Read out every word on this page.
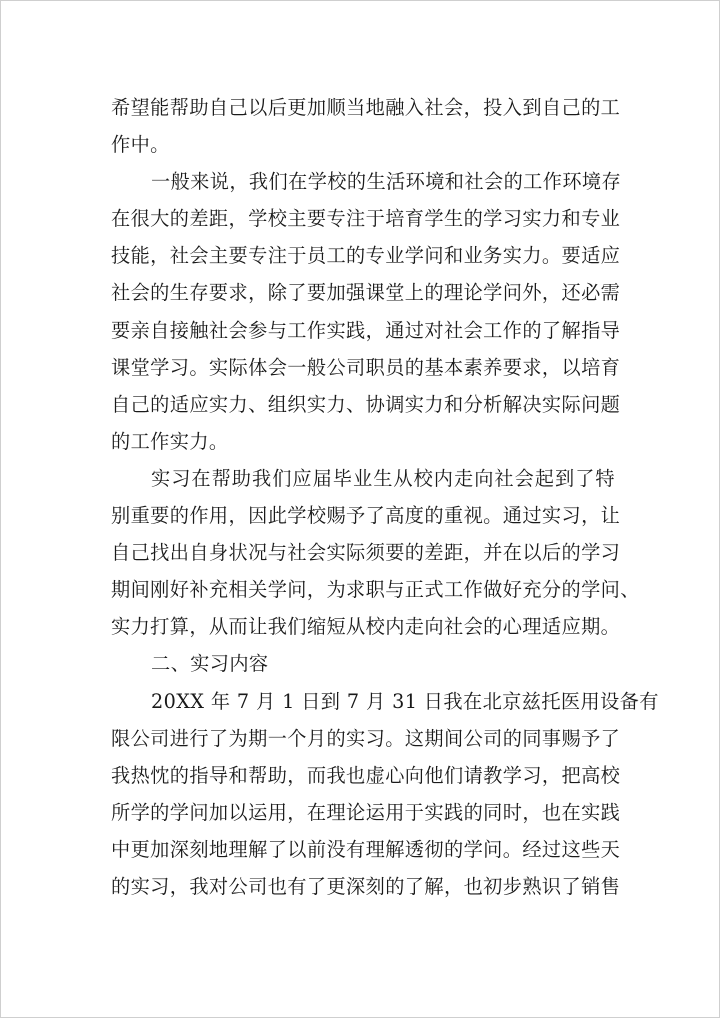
希望能帮助自己以后更加顺当地融入社会，投入到自己的工
作中。
一般来说，我们在学校的生活环境和社会的工作环境存
在很大的差距，学校主要专注于培育学生的学习实力和专业
技能，社会主要专注于员工的专业学问和业务实力。要适应
社会的生存要求，除了要加强课堂上的理论学问外，还必需
要亲自接触社会参与工作实践，通过对社会工作的了解指导
课堂学习。实际体会一般公司职员的基本素养要求，以培育
自己的适应实力、组织实力、协调实力和分析解决实际问题
的工作实力。
实习在帮助我们应届毕业生从校内走向社会起到了特
别重要的作用，因此学校赐予了高度的重视。通过实习，让
自己找出自身状况与社会实际须要的差距，并在以后的学习
期间刚好补充相关学问，为求职与正式工作做好充分的学问、
实力打算，从而让我们缩短从校内走向社会的心理适应期。
二、实习内容
20XX 年 7 月 1 日到 7 月 31 日我在北京兹托医用设备有
限公司进行了为期一个月的实习。这期间公司的同事赐予了
我热忱的指导和帮助，而我也虚心向他们请教学习，把高校
所学的学问加以运用，在理论运用于实践的同时，也在实践
中更加深刻地理解了以前没有理解透彻的学问。经过这些天
的实习，我对公司也有了更深刻的了解，也初步熟识了销售
